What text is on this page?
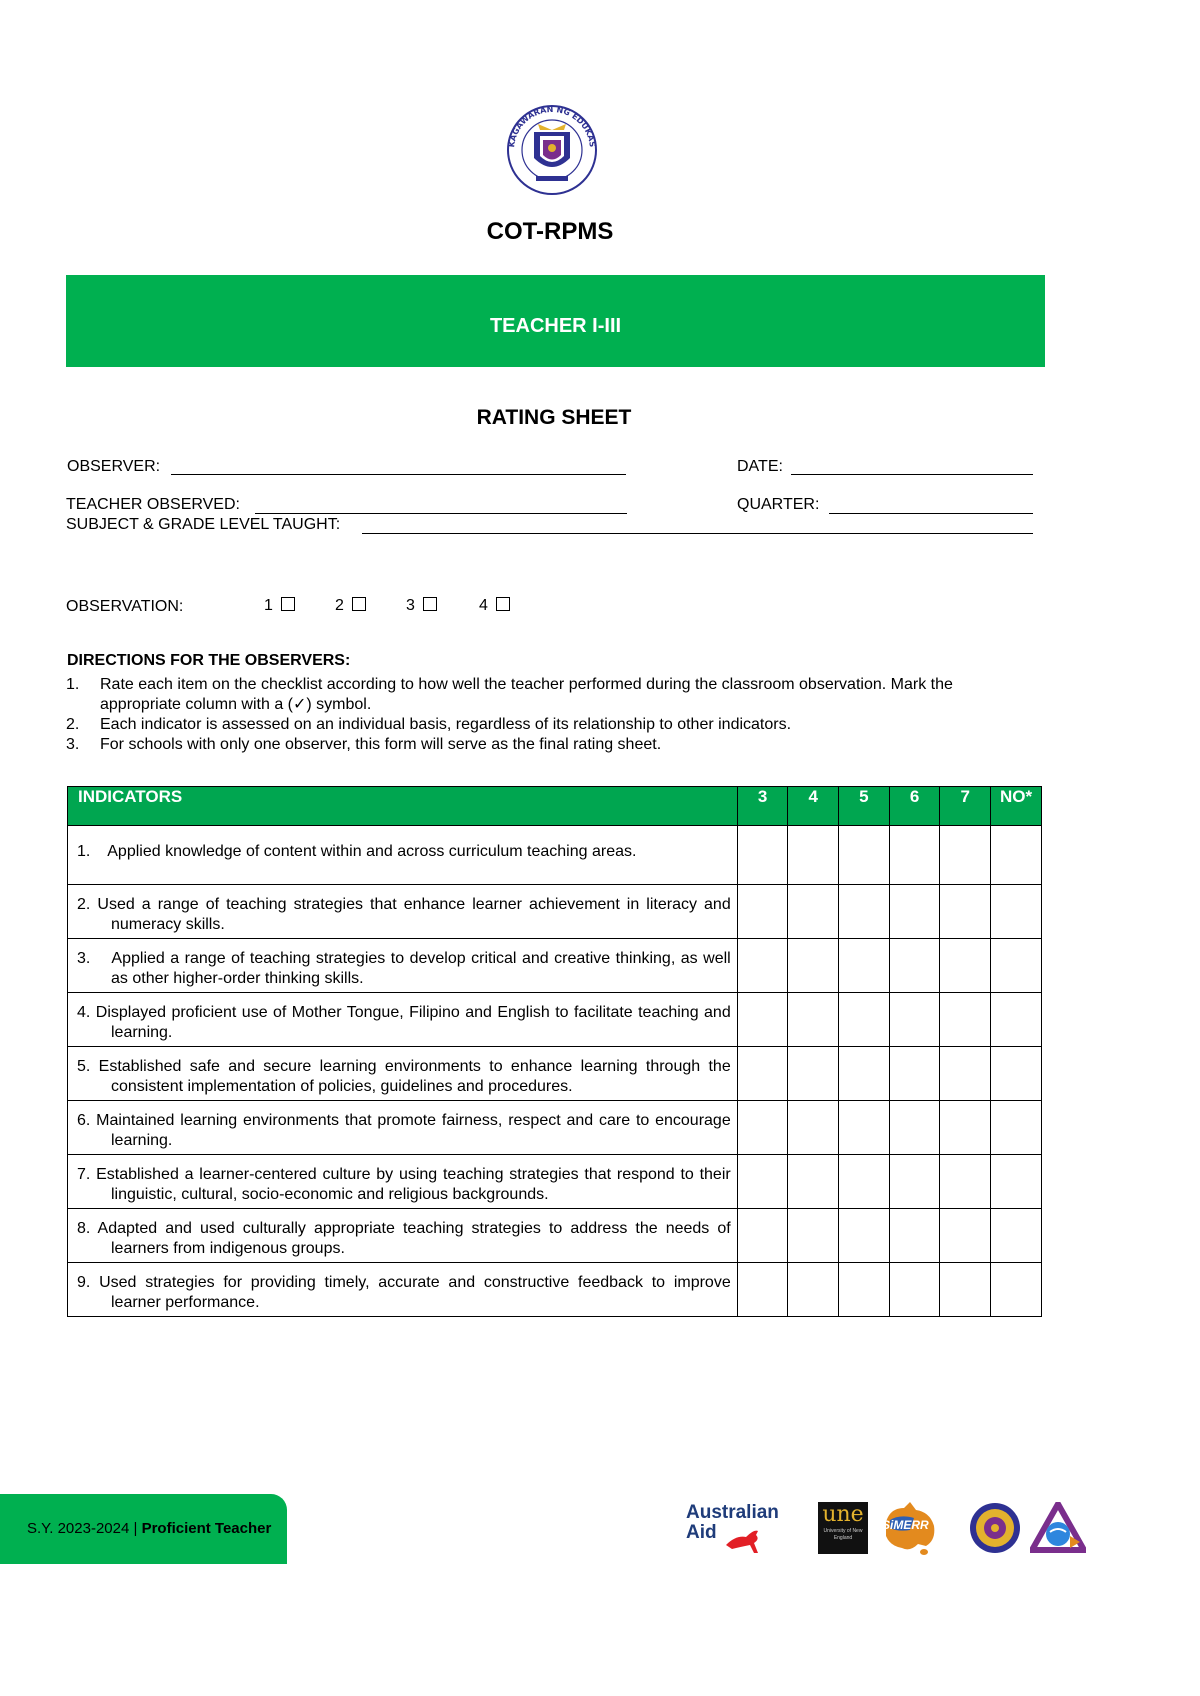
KAGAWARAN NG EDUKAS
COT-RPMS
TEACHER I-III
RATING SHEET
OBSERVER:	DATE:
TEACHER OBSERVED:	QUARTER:
SUBJECT & GRADE LEVEL TAUGHT:
OBSERVATION:	1	2	3	4
DIRECTIONS FOR THE OBSERVERS:
1. Rate each item on the checklist according to how well the teacher performed during the classroom observation. Mark the appropriate column with a (✓) symbol.
2. Each indicator is assessed on an individual basis, regardless of its relationship to other indicators.
3. For schools with only one observer, this form will serve as the final rating sheet.
INDICATORS	3	4	5	6	7	NO*

1.    Applied knowledge of content within and across curriculum teaching areas.						

2. Used a range of teaching strategies that enhance learner achievement in literacy and numeracy skills.						

3.    Applied a range of teaching strategies to develop critical and creative thinking, as well as other higher-order thinking skills.						

4. Displayed proficient use of Mother Tongue, Filipino and English to facilitate teaching and learning.						

5. Established safe and secure learning environments to enhance learning through the consistent implementation of policies, guidelines and procedures.						

6. Maintained learning environments that promote fairness, respect and care to encourage learning.						

7. Established a learner-centered culture by using teaching strategies that respond to their linguistic, cultural, socio-economic and religious backgrounds.						

8. Adapted and used culturally appropriate teaching strategies to address the needs of learners from indigenous groups.						

9. Used strategies for providing timely, accurate and constructive feedback to improve learner performance.						

S.Y. 2023-2024 | Proficient Teacher
Australian
Aid
une
University of New England
SiMERR
